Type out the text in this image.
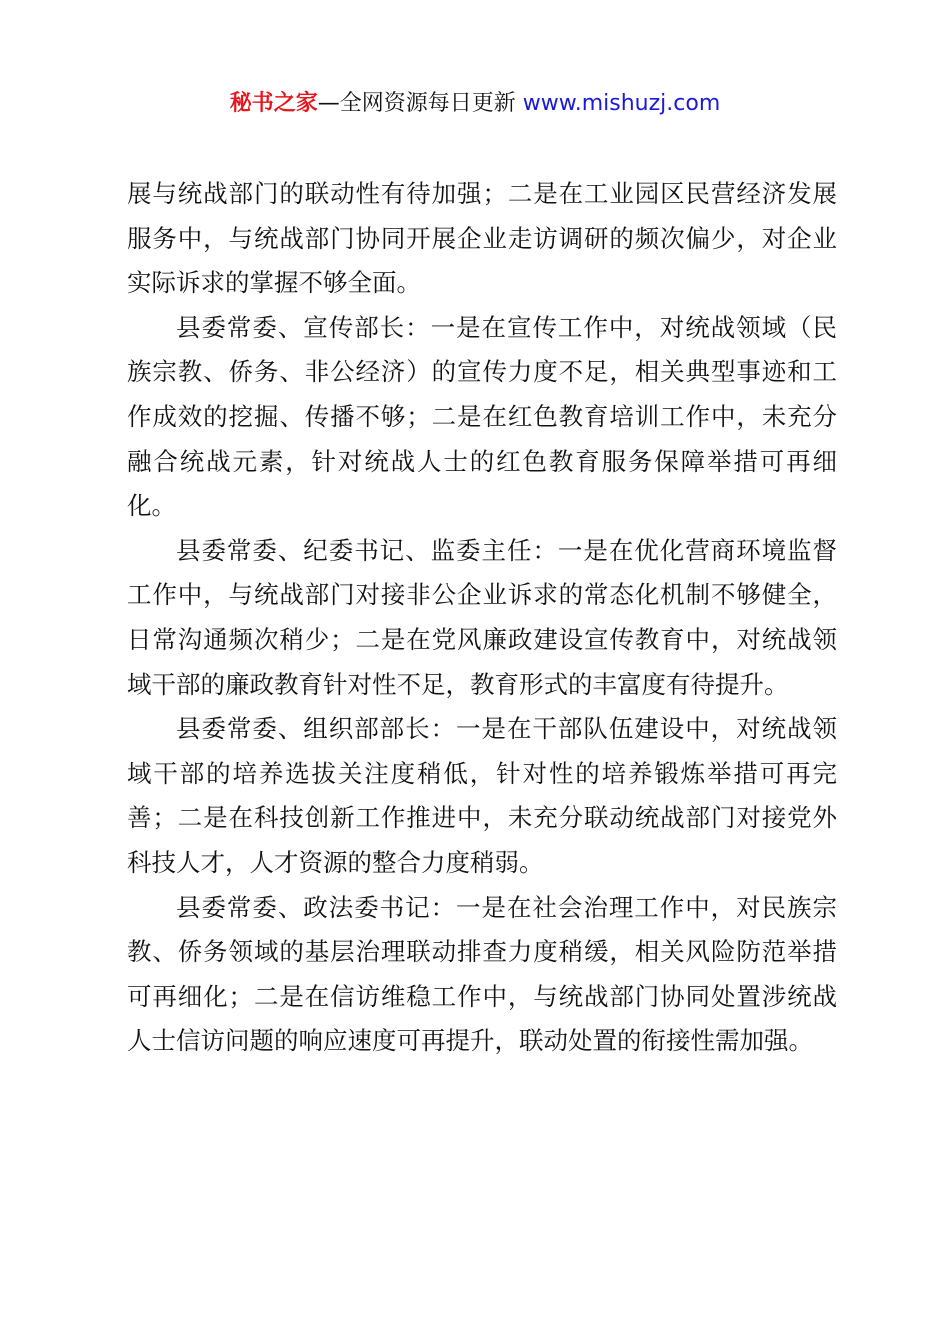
秘书之家—全网资源每日更新 www.mishuzj.com

展与统战部门的联动性有待加强；二是在工业园区民营经济发展服务中，与统战部门协同开展企业走访调研的频次偏少，对企业实际诉求的掌握不够全面。

县委常委、宣传部长：一是在宣传工作中，对统战领域（民族宗教、侨务、非公经济）的宣传力度不足，相关典型事迹和工作成效的挖掘、传播不够；二是在红色教育培训工作中，未充分融合统战元素，针对统战人士的红色教育服务保障举措可再细化。

县委常委、纪委书记、监委主任：一是在优化营商环境监督工作中，与统战部门对接非公企业诉求的常态化机制不够健全，日常沟通频次稍少；二是在党风廉政建设宣传教育中，对统战领域干部的廉政教育针对性不足，教育形式的丰富度有待提升。

县委常委、组织部部长：一是在干部队伍建设中，对统战领域干部的培养选拔关注度稍低，针对性的培养锻炼举措可再完善；二是在科技创新工作推进中，未充分联动统战部门对接党外科技人才，人才资源的整合力度稍弱。

县委常委、政法委书记：一是在社会治理工作中，对民族宗教、侨务领域的基层治理联动排查力度稍缓，相关风险防范举措可再细化；二是在信访维稳工作中，与统战部门协同处置涉统战人士信访问题的响应速度可再提升，联动处置的衔接性需加强。
